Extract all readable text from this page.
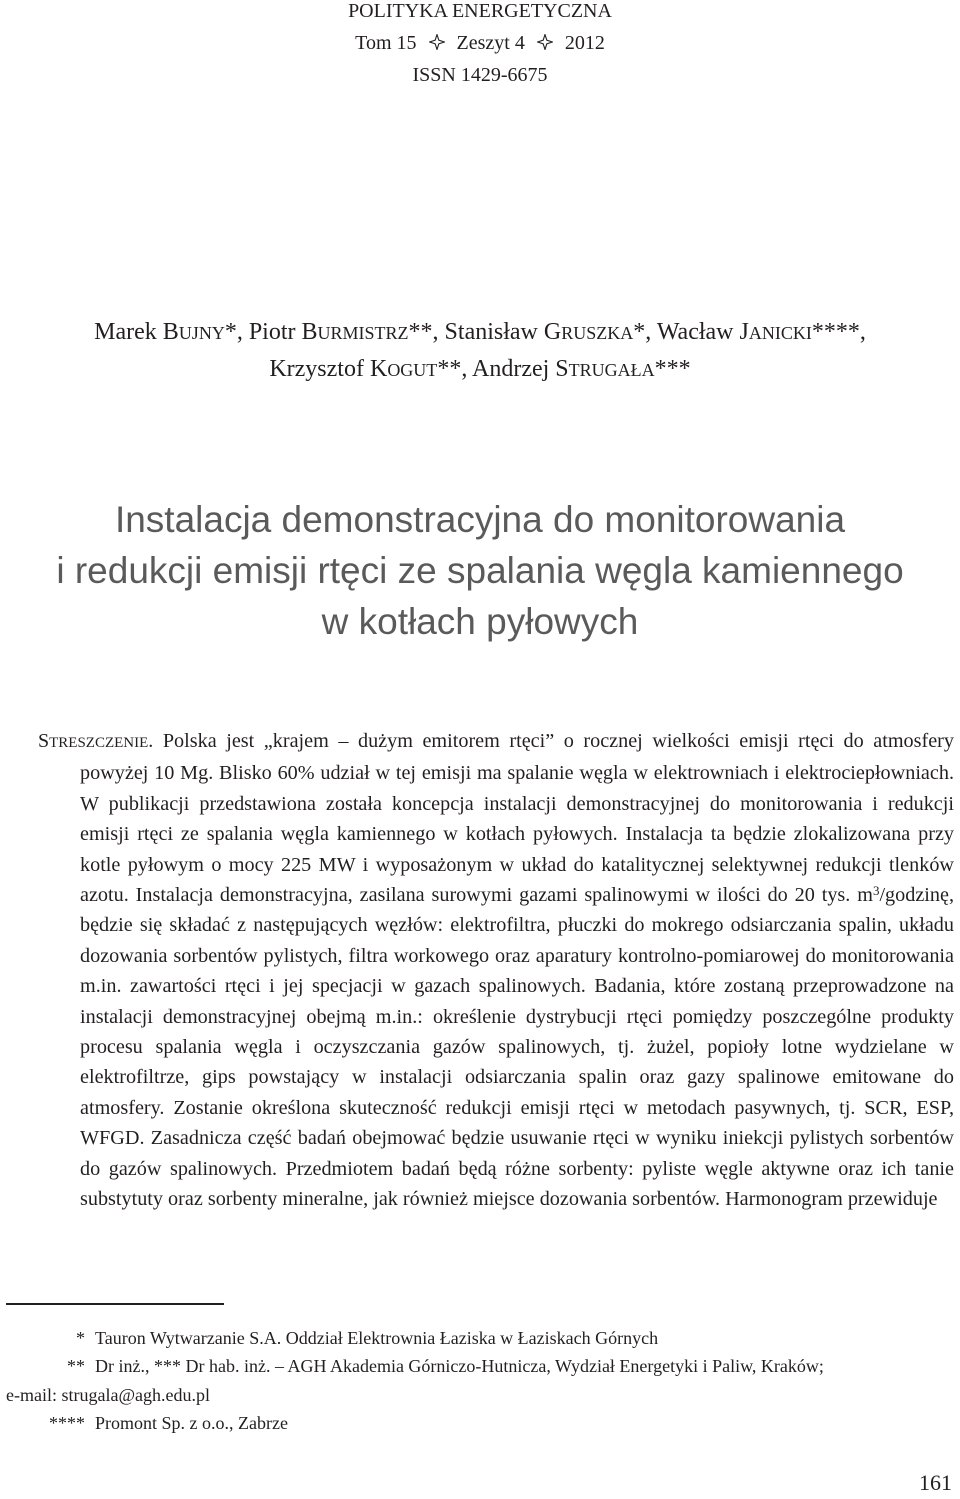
POLITYKA ENERGETYCZNA
Tom 15 Zeszyt 4 2012
ISSN 1429-6675
Marek BUJNY*, Piotr BURMISTRZ**, Stanisław GRUSZKA*, Wacław JANICKI****,
Krzysztof KOGUT**, Andrzej STRUGAŁA***
Instalacja demonstracyjna do monitorowania
i redukcji emisji rtęci ze spalania węgla kamiennego
w kotłach pyłowych

STRESZCZENIE. Polska jest „krajem – dużym emitorem rtęci” o rocznej wielkości emisji rtęci do atmosfery powyżej 10 Mg. Blisko 60% udział w tej emisji ma spalanie węgla w elektrowniach i elektrociepłowniach. W publikacji przedstawiona została koncepcja instalacji demonstracyjnej do monitorowania i redukcji emisji rtęci ze spalania węgla kamiennego w kotłach pyłowych. Instalacja ta będzie zlokalizowana przy kotle pyłowym o mocy 225 MW i wyposażonym w układ do katalitycznej selektywnej redukcji tlenków azotu. Instalacja demonstracyjna, zasilana surowymi gazami spalinowymi w ilości do 20 tys. $m^3$/godzinę, będzie się składać z następujących węzłów: elektrofiltra, płuczki do mokrego odsiarczania spalin, układu dozowania sorbentów pylistych, filtra workowego oraz aparatury kontrolno-pomiarowej do monitorowania m.in. zawartości rtęci i jej specjacji w gazach spalinowych. Badania, które zostaną przeprowadzone na instalacji demonstracyjnej obejmą m.in.: określenie dystrybucji rtęci pomiędzy poszczególne produkty procesu spalania węgla i oczyszczania gazów spalinowych, tj. żużel, popioły lotne wydzielane w elektrofiltrze, gips powstający w instalacji odsiarczania spalin oraz gazy spalinowe emitowane do atmosfery. Zostanie określona skuteczność redukcji emisji rtęci w metodach pasywnych, tj. SCR, ESP, WFGD. Zasadnicza część badań obejmować będzie usuwanie rtęci w wyniku iniekcji pylistych sorbentów do gazów spalinowych. Przedmiotem badań będą różne sorbenty: pyliste węgle aktywne oraz ich tanie substytuty oraz sorbenty mineralne, jak również miejsce dozowania sorbentów. Harmonogram przewiduje

* Tauron Wytwarzanie S.A. Oddział Elektrownia Łaziska w Łaziskach Górnych
** Dr inż., *** Dr hab. inż. – AGH Akademia Górniczo-Hutnicza, Wydział Energetyki i Paliw, Kraków;
e-mail: strugala@agh.edu.pl
**** Promont Sp. z o.o., Zabrze
161
